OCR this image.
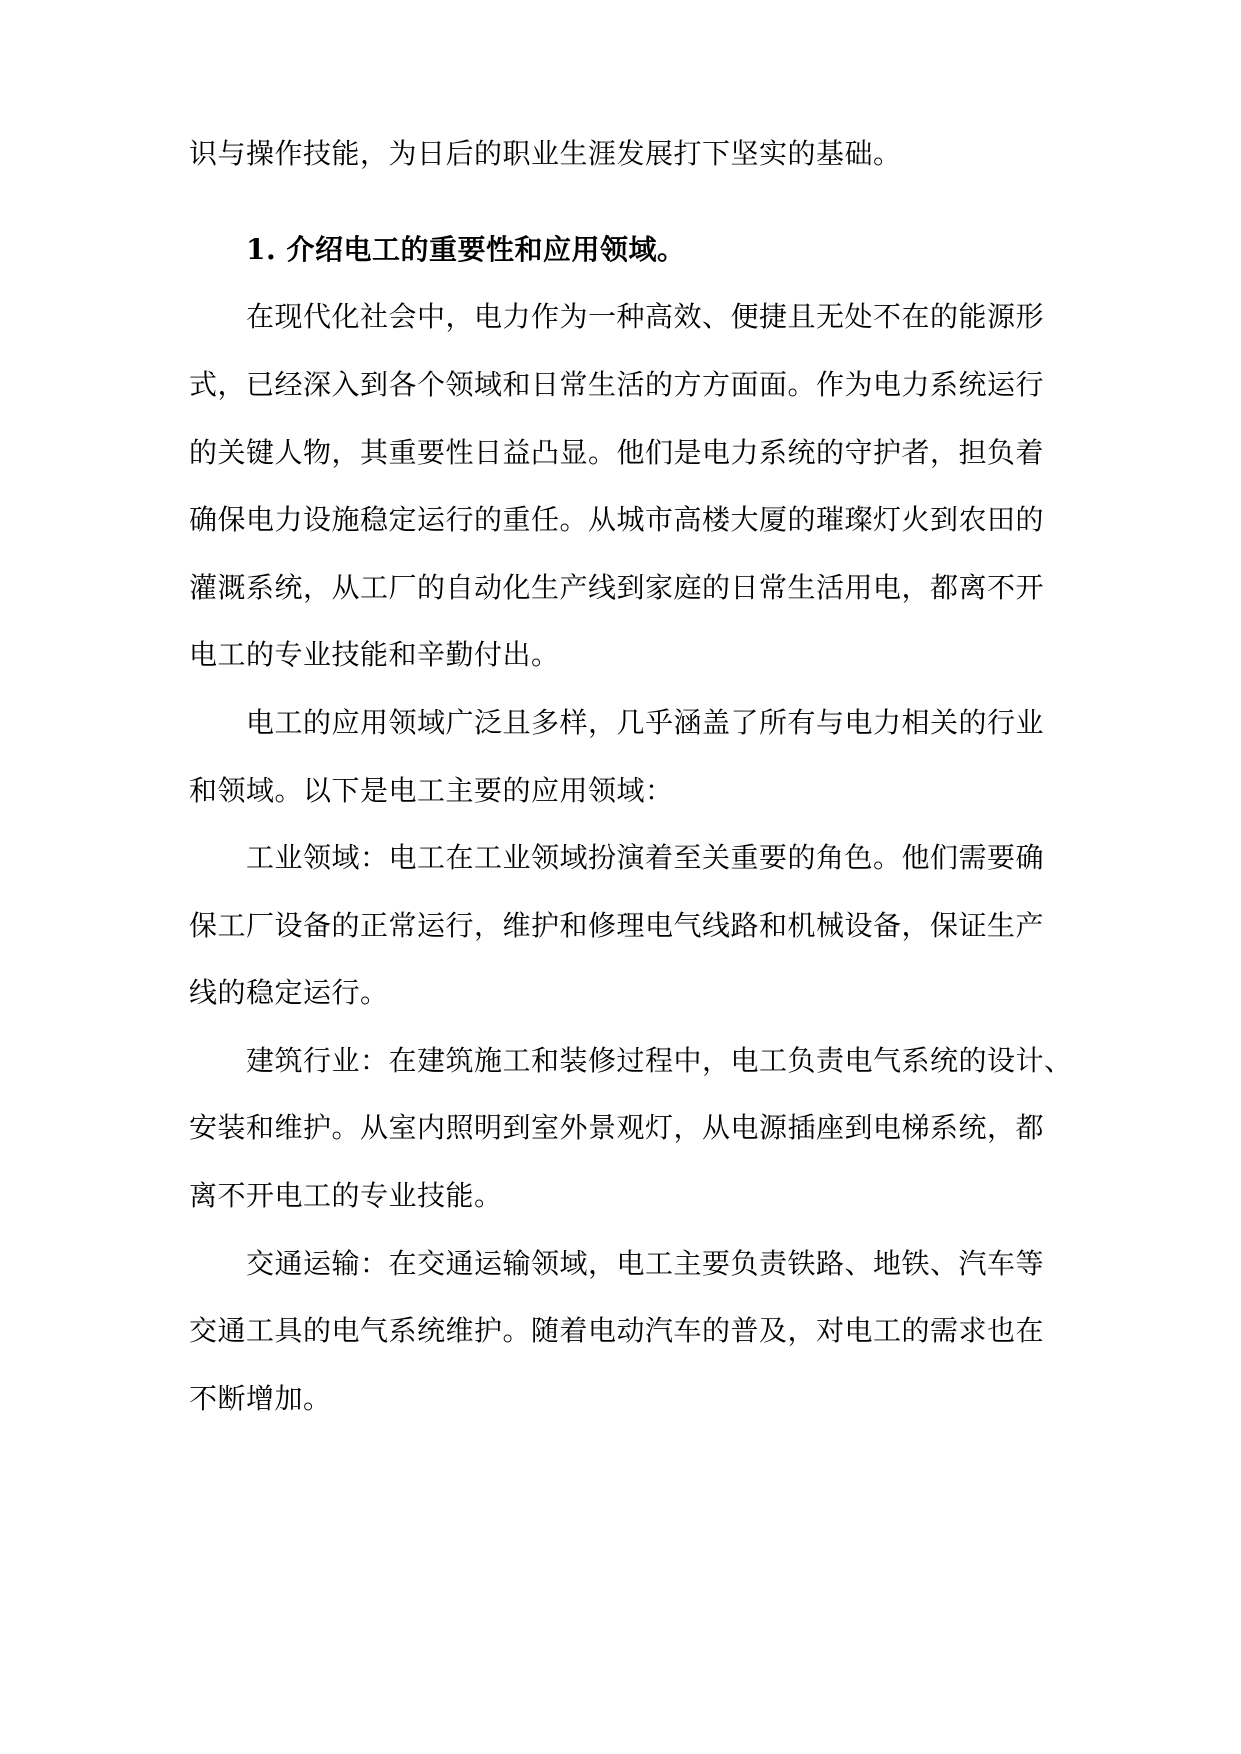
识与操作技能，为日后的职业生涯发展打下坚实的基础。
1. 介绍电工的重要性和应用领域。
在现代化社会中，电力作为一种高效、便捷且无处不在的能源形
式，已经深入到各个领域和日常生活的方方面面。作为电力系统运行
的关键人物，其重要性日益凸显。他们是电力系统的守护者，担负着
确保电力设施稳定运行的重任。从城市高楼大厦的璀璨灯火到农田的
灌溉系统，从工厂的自动化生产线到家庭的日常生活用电，都离不开
电工的专业技能和辛勤付出。
电工的应用领域广泛且多样，几乎涵盖了所有与电力相关的行业
和领域。以下是电工主要的应用领域：
工业领域：电工在工业领域扮演着至关重要的角色。他们需要确
保工厂设备的正常运行，维护和修理电气线路和机械设备，保证生产
线的稳定运行。
建筑行业：在建筑施工和装修过程中，电工负责电气系统的设计、
安装和维护。从室内照明到室外景观灯，从电源插座到电梯系统，都
离不开电工的专业技能。
交通运输：在交通运输领域，电工主要负责铁路、地铁、汽车等
交通工具的电气系统维护。随着电动汽车的普及，对电工的需求也在
不断增加。
